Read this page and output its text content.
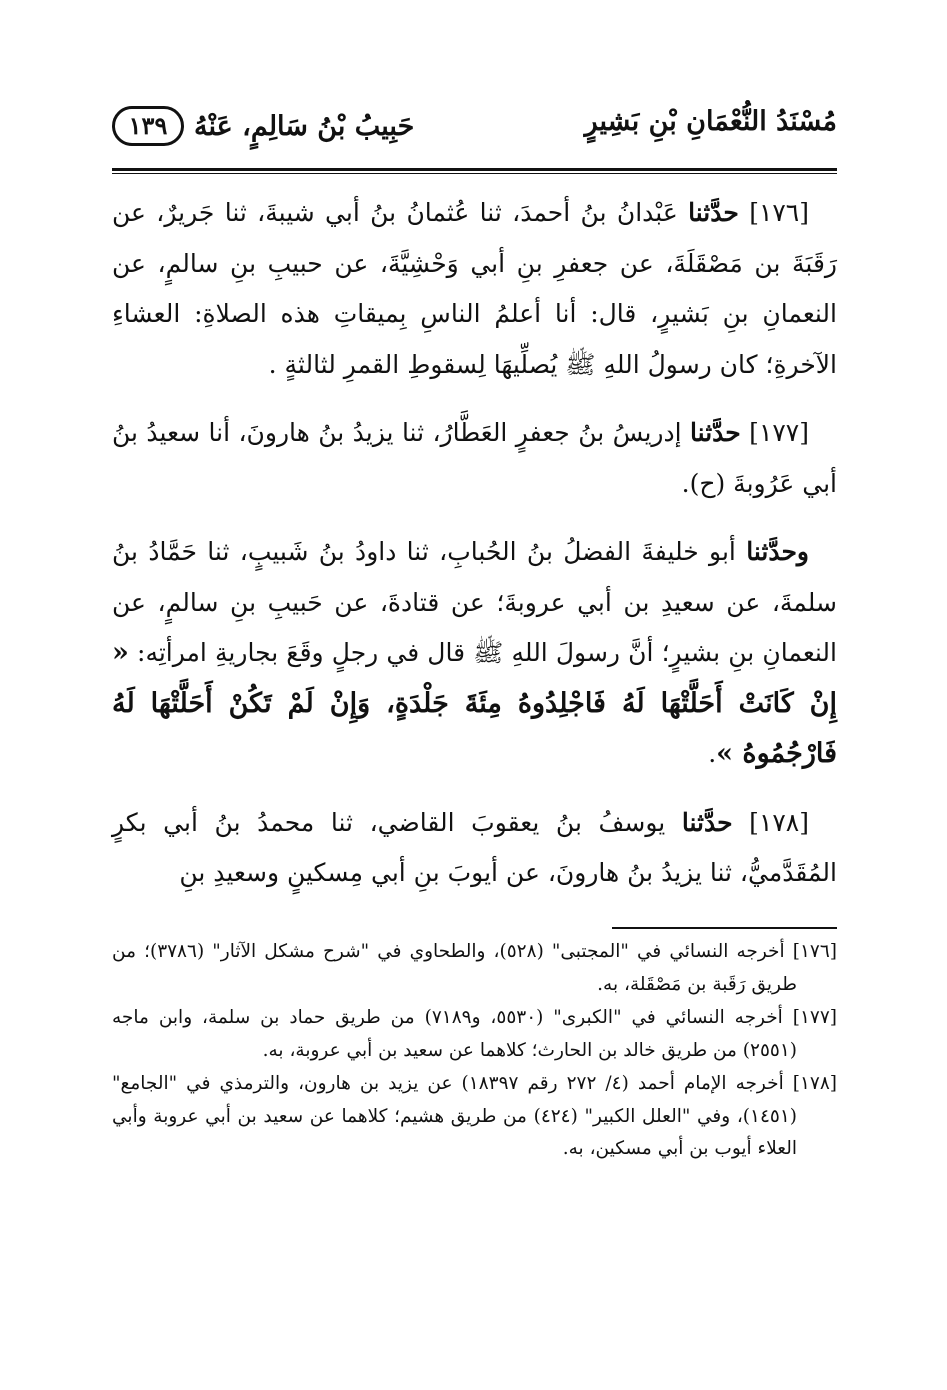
مُسْنَدُ النُّعْمَانِ بْنِ بَشِيرٍ
حَبِيبُ بْنُ سَالِمٍ، عَنْهُ
١٣٩

[١٧٦] حدَّثنا عَبْدانُ بنُ أحمدَ، ثنا عُثمانُ بنُ أبي شيبةَ، ثنا جَريرٌ، عن رَقَبَةَ بن مَصْقَلَةَ، عن جعفرِ بنِ أبي وَحْشِيَّةَ، عن حبيبِ بنِ سالمٍ، عن النعمانِ بنِ بَشيرٍ، قال: أنا أعلمُ الناسِ بِميقاتِ هذه الصلاةِ: العشاءِ الآخرةِ؛ كان رسولُ اللهِ ﷺ يُصلِّيهَا لِسقوطِ القمرِ لثالثةٍ .

[١٧٧] حدَّثنا إدريسُ بنُ جعفرٍ العَطَّارُ، ثنا يزيدُ بنُ هارونَ، أنا سعيدُ بنُ أبي عَرُوبةَ (ح).

وحدَّثنا أبو خليفةَ الفضلُ بنُ الحُبابِ، ثنا داودُ بنُ شَبيبٍ، ثنا حَمَّادُ بنُ سلمةَ، عن سعيدِ بن أبي عروبةَ؛ عن قتادةَ، عن حَبيبِ بنِ سالمٍ، عن النعمانِ بنِ بشيرٍ؛ أنَّ رسولَ اللهِ ﷺ قال في رجلٍ وقَعَ بجاريةِ امرأتِه: « إِنْ كَانَتْ أَحَلَّتْهَا لَهُ فَاجْلِدُوهُ مِئَةَ جَلْدَةٍ، وَإِنْ لَمْ تَكُنْ أَحَلَّتْهَا لَهُ فَارْجُمُوهُ ».

[١٧٨] حدَّثنا يوسفُ بنُ يعقوبَ القاضي، ثنا محمدُ بنُ أبي بكرٍ المُقَدَّميُّ، ثنا يزيدُ بنُ هارونَ، عن أيوبَ بنِ أبي مِسكينٍ وسعيدِ بنِ

[١٧٦] أخرجه النسائي في "المجتبى" (٥٢٨)، والطحاوي في "شرح مشكل الآثار" (٣٧٨٦)؛ من طريق رَقَبة بن مَصْقَلة، به.

[١٧٧] أخرجه النسائي في "الكبرى" (٥٥٣٠، و٧١٨٩) من طريق حماد بن سلمة، وابن ماجه (٢٥٥١) من طريق خالد بن الحارث؛ كلاهما عن سعيد بن أبي عروبة، به.

[١٧٨] أخرجه الإمام أحمد (٤/ ٢٧٢ رقم ١٨٣٩٧) عن يزيد بن هارون، والترمذي في "الجامع" (١٤٥١)، وفي "العلل الكبير" (٤٢٤) من طريق هشيم؛ كلاهما عن سعيد بن أبي عروبة وأبي العلاء أيوب بن أبي مسكين، به.
